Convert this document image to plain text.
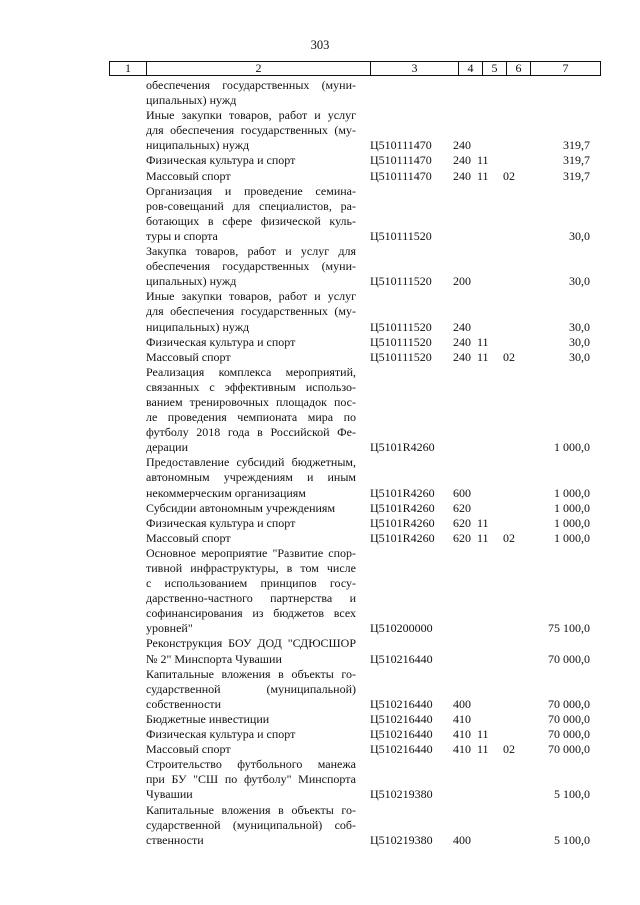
303
1	2	3	4	5	6	7
обеспечения государственных (муни-
ципальных) нужд
Иные закупки товаров, работ и услуг
для обеспечения государственных (му-
ниципальных) нужд	Ц510111470	240	319,7
Физическая культура и спорт	Ц510111470	240 11	319,7
Массовый спорт	Ц510111470	240 11	02	319,7
Организация и проведение семина-
ров-совещаний для специалистов, ра-
ботающих в сфере физической куль-
туры и спорта	Ц510111520	30,0
Закупка товаров, работ и услуг для
обеспечения государственных (муни-
ципальных) нужд	Ц510111520	200	30,0
Иные закупки товаров, работ и услуг
для обеспечения государственных (му-
ниципальных) нужд	Ц510111520	240	30,0
Физическая культура и спорт	Ц510111520	240 11	30,0
Массовый спорт	Ц510111520	240 11	02	30,0
Реализация комплекса мероприятий,
связанных с эффективным использо-
ванием тренировочных площадок пос-
ле проведения чемпионата мира по
футболу 2018 года в Российской Фе-
дерации	Ц5101R4260	1 000,0
Предоставление субсидий бюджетным,
автономным учреждениям и иным
некоммерческим организациям	Ц5101R4260	600	1 000,0
Субсидии автономным учреждениям	Ц5101R4260	620	1 000,0
Физическая культура и спорт	Ц5101R4260	620 11	1 000,0
Массовый спорт	Ц5101R4260	620 11	02	1 000,0
Основное мероприятие "Развитие спор-
тивной инфраструктуры, в том числе
с использованием принципов госу-
дарственно-частного партнерства и
софинансирования из бюджетов всех
уровней"	Ц510200000	75 100,0
Реконструкция БОУ ДОД "СДЮСШОР
№ 2" Минспорта Чувашии	Ц510216440	70 000,0
Капитальные вложения в объекты го-
сударственной (муниципальной)
собственности	Ц510216440	400	70 000,0
Бюджетные инвестиции	Ц510216440	410	70 000,0
Физическая культура и спорт	Ц510216440	410 11	70 000,0
Массовый спорт	Ц510216440	410 11	02	70 000,0
Строительство футбольного манежа
при БУ "СШ по футболу" Минспорта
Чувашии	Ц510219380	5 100,0
Капитальные вложения в объекты го-
сударственной (муниципальной) соб-
ственности	Ц510219380	400	5 100,0
